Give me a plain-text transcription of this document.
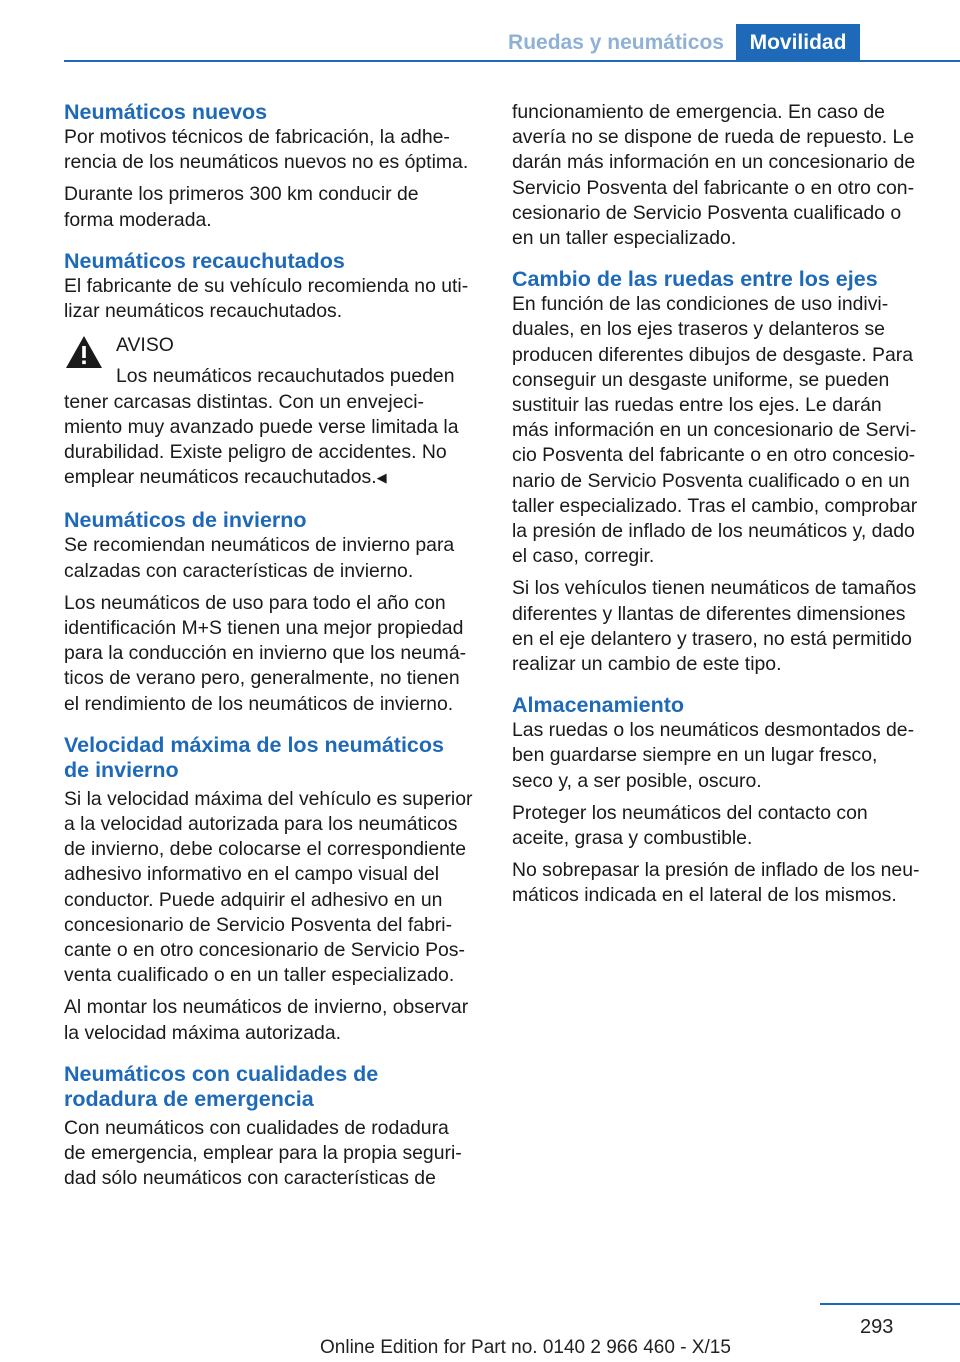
Ruedas y neumáticos	Movilidad

Neumáticos nuevos

Por motivos técnicos de fabricación, la adhe‐

rencia de los neumáticos nuevos no es óptima.

Durante los primeros 300 km conducir de

forma moderada.

Neumáticos recauchutados

El fabricante de su vehículo recomienda no uti‐

lizar neumáticos recauchutados.

AVISO

Los neumáticos recauchutados pueden

tener carcasas distintas. Con un envejeci‐

miento muy avanzado puede verse limitada la

durabilidad. Existe peligro de accidentes. No

emplear neumáticos recauchutados.◀

Neumáticos de invierno

Se recomiendan neumáticos de invierno para

calzadas con características de invierno.

Los neumáticos de uso para todo el año con

identificación M+S tienen una mejor propiedad

para la conducción en invierno que los neumá‐

ticos de verano pero, generalmente, no tienen

el rendimiento de los neumáticos de invierno.

Velocidad máxima de los neumáticos

de invierno

Si la velocidad máxima del vehículo es superior

a la velocidad autorizada para los neumáticos

de invierno, debe colocarse el correspondiente

adhesivo informativo en el campo visual del

conductor. Puede adquirir el adhesivo en un

concesionario de Servicio Posventa del fabri‐

cante o en otro concesionario de Servicio Pos‐

venta cualificado o en un taller especializado.

Al montar los neumáticos de invierno, observar

la velocidad máxima autorizada.

Neumáticos con cualidades de

rodadura de emergencia

Con neumáticos con cualidades de rodadura

de emergencia, emplear para la propia seguri‐

dad sólo neumáticos con características de

funcionamiento de emergencia. En caso de

avería no se dispone de rueda de repuesto. Le

darán más información en un concesionario de

Servicio Posventa del fabricante o en otro con‐

cesionario de Servicio Posventa cualificado o

en un taller especializado.

Cambio de las ruedas entre los ejes

En función de las condiciones de uso indivi‐

duales, en los ejes traseros y delanteros se

producen diferentes dibujos de desgaste. Para

conseguir un desgaste uniforme, se pueden

sustituir las ruedas entre los ejes. Le darán

más información en un concesionario de Servi‐

cio Posventa del fabricante o en otro concesio‐

nario de Servicio Posventa cualificado o en un

taller especializado. Tras el cambio, comprobar

la presión de inflado de los neumáticos y, dado

el caso, corregir.

Si los vehículos tienen neumáticos de tamaños

diferentes y llantas de diferentes dimensiones

en el eje delantero y trasero, no está permitido

realizar un cambio de este tipo.

Almacenamiento

Las ruedas o los neumáticos desmontados de‐

ben guardarse siempre en un lugar fresco,

seco y, a ser posible, oscuro.

Proteger los neumáticos del contacto con

aceite, grasa y combustible.

No sobrepasar la presión de inflado de los neu‐

máticos indicada en el lateral de los mismos.

293
Online Edition for Part no. 0140 2 966 460 - X/15
